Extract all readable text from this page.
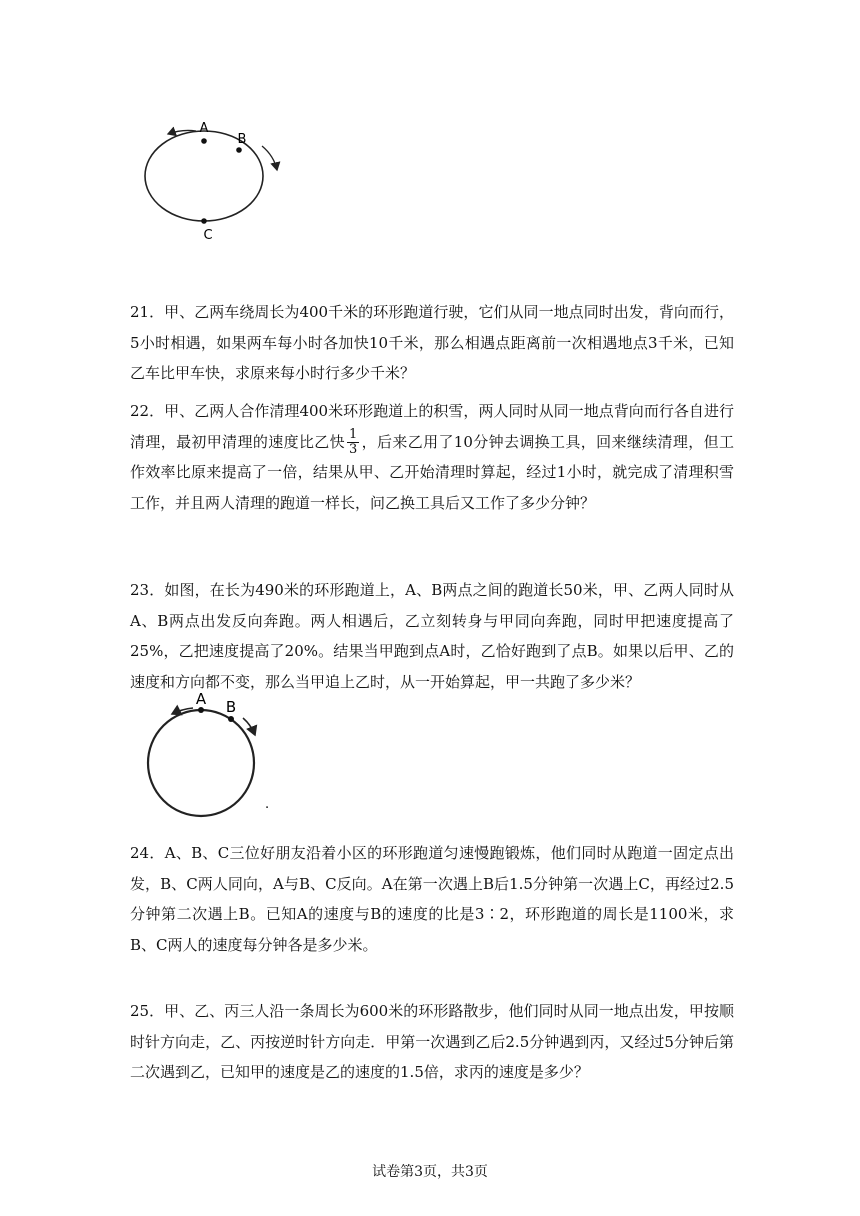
A
B
C

21．甲、乙两车绕周长为400千米的环形跑道行驶，它们从同一地点同时出发，背向而行，5小时相遇，如果两车每小时各加快10千米，那么相遇点距离前一次相遇地点3千米，已知乙车比甲车快，求原来每小时行多少千米？

22．甲、乙两人合作清理400米环形跑道上的积雪，两人同时从同一地点背向而行各自进行清理，最初甲清理的速度比乙快 $\frac{1}{3}$ ，后来乙用了10分钟去调换工具，回来继续清理，但工作效率比原来提高了一倍，结果从甲、乙开始清理时算起，经过1小时，就完成了清理积雪工作，并且两人清理的跑道一样长，问乙换工具后又工作了多少分钟？

23．如图，在长为490米的环形跑道上，A、B两点之间的跑道长50米，甲、乙两人同时从A、B两点出发反向奔跑。两人相遇后，乙立刻转身与甲同向奔跑，同时甲把速度提高了25%，乙把速度提高了20%。结果当甲跑到点A时，乙恰好跑到了点B。如果以后甲、乙的速度和方向都不变，那么当甲追上乙时，从一开始算起，甲一共跑了多少米？

A B
.

24．A、B、C三位好朋友沿着小区的环形跑道匀速慢跑锻炼，他们同时从跑道一固定点出发，B、C两人同向，A与B、C反向。A在第一次遇上B后1.5分钟第一次遇上C，再经过2.5分钟第二次遇上B。已知A的速度与B的速度的比是3∶2，环形跑道的周长是1100米，求B、C两人的速度每分钟各是多少米。

25．甲、乙、丙三人沿一条周长为600米的环形路散步，他们同时从同一地点出发，甲按顺时针方向走，乙、丙按逆时针方向走．甲第一次遇到乙后2.5分钟遇到丙，又经过5分钟后第二次遇到乙，已知甲的速度是乙的速度的1.5倍，求丙的速度是多少？

试卷第3页，共3页
